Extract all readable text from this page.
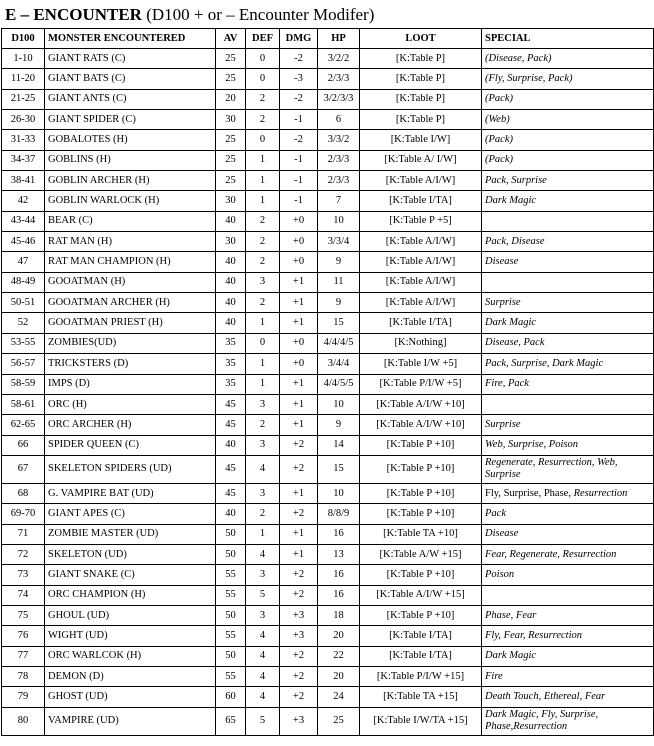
E – ENCOUNTER (D100 + or – Encounter Modifer)
D100	MONSTER ENCOUNTERED	AV	DEF	DMG	HP	LOOT	SPECIAL
1-10	GIANT RATS (C)	25	0	-2	3/2/2	[K:Table P]	(Disease, Pack)
11-20	GIANT BATS (C)	25	0	-3	2/3/3	[K:Table P]	(Fly, Surprise, Pack)
21-25	GIANT ANTS (C)	20	2	-2	3/2/3/3	[K:Table P]	(Pack)
26-30	GIANT SPIDER (C)	30	2	-1	6	[K:Table P]	(Web)
31-33	GOBALOTES (H)	25	0	-2	3/3/2	[K:Table I/W]	(Pack)
34-37	GOBLINS (H)	25	1	-1	2/3/3	[K:Table A/ I/W]	(Pack)
38-41	GOBLIN ARCHER (H)	25	1	-1	2/3/3	[K:Table A/I/W]	Pack, Surprise
42	GOBLIN WARLOCK (H)	30	1	-1	7	[K:Table I/TA]	Dark Magic
43-44	BEAR (C)	40	2	+0	10	[K:Table P +5]	
45-46	RAT MAN (H)	30	2	+0	3/3/4	[K:Table A/I/W]	Pack, Disease
47	RAT MAN CHAMPION (H)	40	2	+0	9	[K:Table A/I/W]	Disease
48-49	GOOATMAN (H)	40	3	+1	11	[K:Table A/I/W]	
50-51	GOOATMAN ARCHER (H)	40	2	+1	9	[K:Table A/I/W]	Surprise
52	GOOATMAN PRIEST (H)	40	1	+1	15	[K:Table I/TA]	Dark Magic
53-55	ZOMBIES(UD)	35	0	+0	4/4/4/5	[K:Nothing]	Disease, Pack
56-57	TRICKSTERS (D)	35	1	+0	3/4/4	[K:Table I/W +5]	Pack, Surprise, Dark Magic
58-59	IMPS (D)	35	1	+1	4/4/5/5	[K:Table P/I/W +5]	Fire, Pack
58-61	ORC (H)	45	3	+1	10	[K:Table A/I/W +10]	
62-65	ORC ARCHER (H)	45	2	+1	9	[K:Table A/I/W +10]	Surprise
66	SPIDER QUEEN (C)	40	3	+2	14	[K:Table P +10]	Web, Surprise, Poison
67	SKELETON SPIDERS (UD)	45	4	+2	15	[K:Table P +10]	Regenerate, Resurrection, Web, Surprise
68	G. VAMPIRE BAT (UD)	45	3	+1	10	[K:Table P +10]	Fly, Surprise, Phase, Resurrection
69-70	GIANT APES (C)	40	2	+2	8/8/9	[K:Table P +10]	Pack
71	ZOMBIE MASTER (UD)	50	1	+1	16	[K:Table TA +10]	Disease
72	SKELETON (UD)	50	4	+1	13	[K:Table A/W +15]	Fear, Regenerate, Resurrection
73	GIANT SNAKE (C)	55	3	+2	16	[K:Table P +10]	Poison
74	ORC CHAMPION (H)	55	5	+2	16	[K:Table A/I/W +15]	
75	GHOUL (UD)	50	3	+3	18	[K:Table P +10]	Phase, Fear
76	WIGHT (UD)	55	4	+3	20	[K:Table I/TA]	Fly, Fear, Resurrection
77	ORC WARLCOK (H)	50	4	+2	22	[K:Table I/TA]	Dark Magic
78	DEMON (D)	55	4	+2	20	[K:Table P/I/W +15]	Fire
79	GHOST (UD)	60	4	+2	24	[K:Table TA +15]	Death Touch, Ethereal, Fear
80	VAMPIRE (UD)	65	5	+3	25	[K:Table I/W/TA +15]	Dark Magic, Fly, Surprise, Phase,Resurrection
